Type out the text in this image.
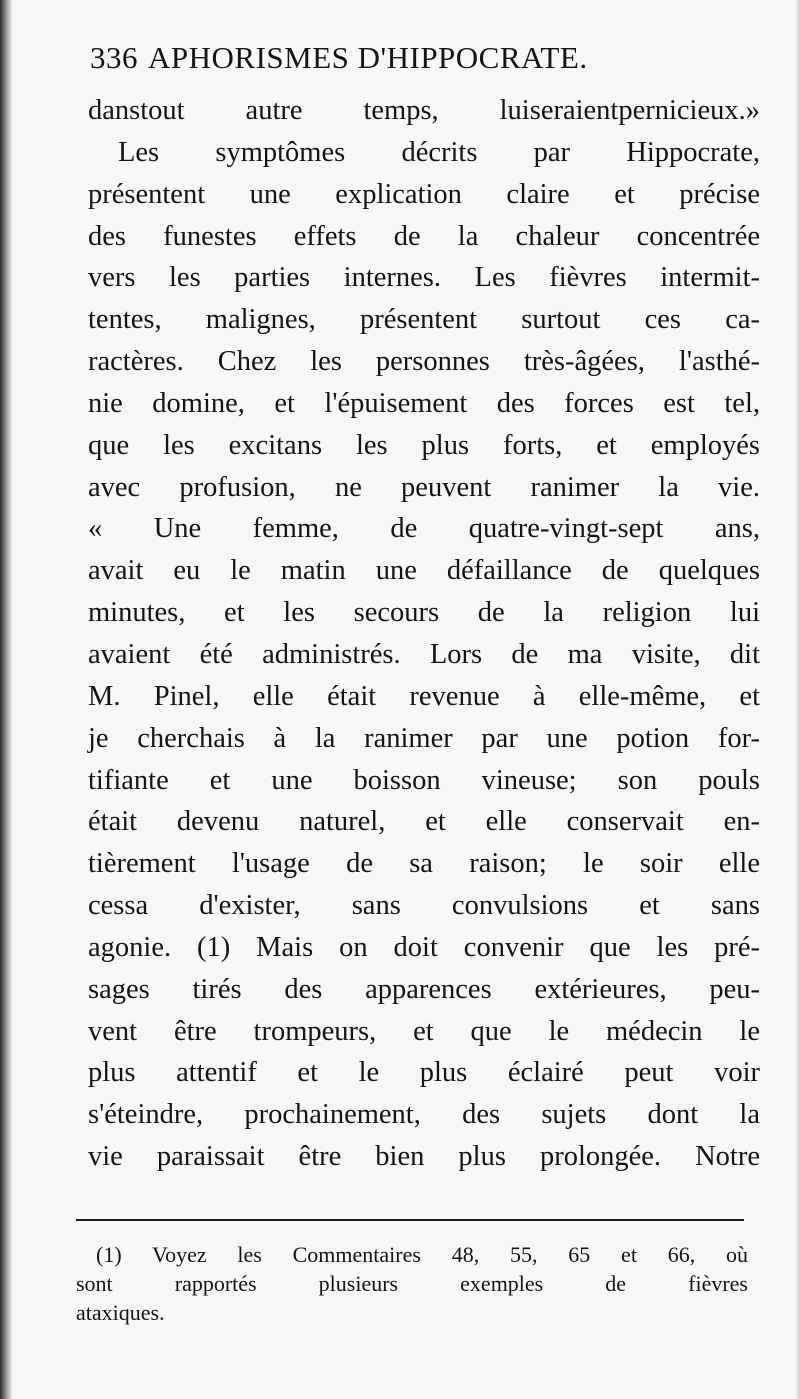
336 APHORISMES D'HIPPOCRATE.
danstout autre temps, luiseraientpernicieux.»
Les symptômes décrits par Hippocrate,
présentent une explication claire et précise
des funestes effets de la chaleur concentrée
vers les parties internes. Les fièvres intermit-
tentes, malignes, présentent surtout ces ca-
ractères. Chez les personnes très-âgées, l'asthé-
nie domine, et l'épuisement des forces est tel,
que les excitans les plus forts, et employés
avec profusion, ne peuvent ranimer la vie.
« Une femme, de quatre-vingt-sept ans,
avait eu le matin une défaillance de quelques
minutes, et les secours de la religion lui
avaient été administrés. Lors de ma visite, dit
M. Pinel, elle était revenue à elle-même, et
je cherchais à la ranimer par une potion for-
tifiante et une boisson vineuse; son pouls
était devenu naturel, et elle conservait en-
tièrement l'usage de sa raison; le soir elle
cessa d'exister, sans convulsions et sans
agonie. (1) Mais on doit convenir que les pré-
sages tirés des apparences extérieures, peu-
vent être trompeurs, et que le médecin le
plus attentif et le plus éclairé peut voir
s'éteindre, prochainement, des sujets dont la
vie paraissait être bien plus prolongée. Notre
(1) Voyez les Commentaires 48, 55, 65 et 66, où
sont rapportés plusieurs exemples de fièvres
ataxiques.
